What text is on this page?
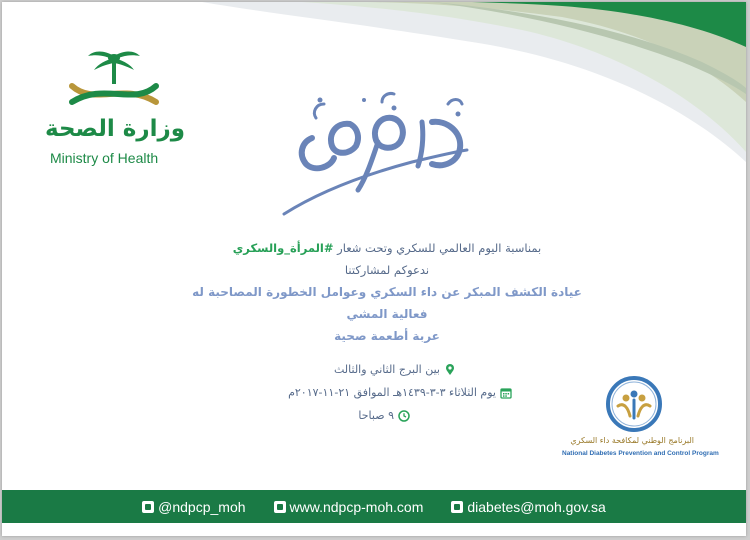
وزارة الصحة
Ministry of Health
بمناسبة اليوم العالمي للسكري وتحت شعار #المرأة_والسكري
ندعوكم لمشاركتنا
عيادة الكشف المبكر عن داء السكري وعوامل الخطورة المصاحبة له
فعالية المشي
عربة أطعمة صحية
بين البرج الثاني والثالث
يوم الثلاثاء ٣-٣-١٤٣٩هـ الموافق ٢١-١١-٢٠١٧م
٩ صباحا
البرنامج الوطني لمكافحة داء السكري
National Diabetes Prevention and Control Program
@ndpcp_moh	www.ndpcp-moh.com	diabetes@moh.gov.sa
